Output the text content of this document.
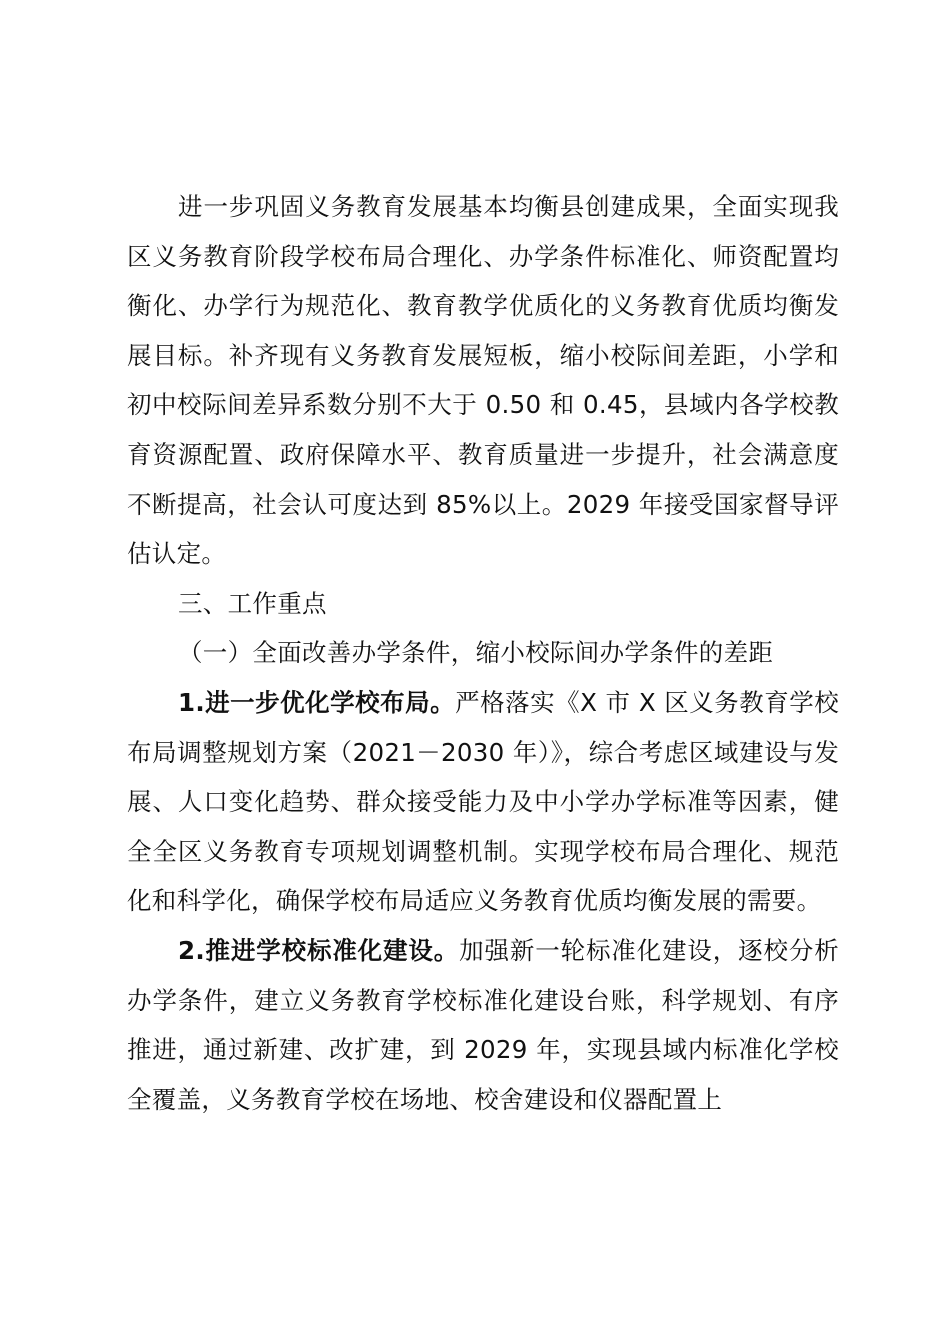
进一步巩固义务教育发展基本均衡县创建成果，全面实现我区义务教育阶段学校布局合理化、办学条件标准化、师资配置均衡化、办学行为规范化、教育教学优质化的义务教育优质均衡发展目标。补齐现有义务教育发展短板，缩小校际间差距，小学和初中校际间差异系数分别不大于 0.50 和 0.45，县域内各学校教育资源配置、政府保障水平、教育质量进一步提升，社会满意度不断提高，社会认可度达到 85%以上。2029 年接受国家督导评估认定。

三、工作重点

（一）全面改善办学条件，缩小校际间办学条件的差距

1.进一步优化学校布局。严格落实《X 市 X 区义务教育学校布局调整规划方案（2021－2030 年）》，综合考虑区域建设与发展、人口变化趋势、群众接受能力及中小学办学标准等因素，健全全区义务教育专项规划调整机制。实现学校布局合理化、规范化和科学化，确保学校布局适应义务教育优质均衡发展的需要。

2.推进学校标准化建设。加强新一轮标准化建设，逐校分析办学条件，建立义务教育学校标准化建设台账，科学规划、有序推进，通过新建、改扩建，到 2029 年，实现县域内标准化学校全覆盖，义务教育学校在场地、校舍建设和仪器配置上
